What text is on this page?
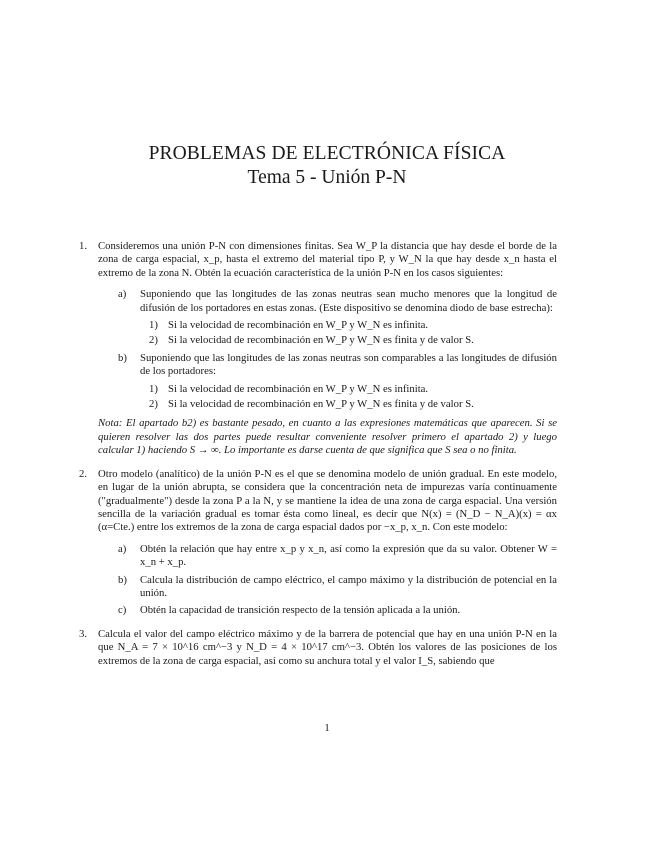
PROBLEMAS DE ELECTRÓNICA FÍSICA
Tema 5 - Unión P-N
1. Consideremos una unión P-N con dimensiones finitas. Sea W_P la distancia que hay desde el borde de la zona de carga espacial, x_p, hasta el extremo del material tipo P, y W_N la que hay desde x_n hasta el extremo de la zona N. Obtén la ecuación característica de la unión P-N en los casos siguientes:
a) Suponiendo que las longitudes de las zonas neutras sean mucho menores que la longitud de difusión de los portadores en estas zonas. (Este dispositivo se denomina diodo de base estrecha):
1) Si la velocidad de recombinación en W_P y W_N es infinita.
2) Si la velocidad de recombinación en W_P y W_N es finita y de valor S.
b) Suponiendo que las longitudes de las zonas neutras son comparables a las longitudes de difusión de los portadores:
1) Si la velocidad de recombinación en W_P y W_N es infinita.
2) Si la velocidad de recombinación en W_P y W_N es finita y de valor S.
Nota: El apartado b2) es bastante pesado, en cuanto a las expresiones matemáticas que aparecen. Si se quieren resolver las dos partes puede resultar conveniente resolver primero el apartado 2) y luego calcular 1) haciendo S → ∞. Lo importante es darse cuenta de que significa que S sea o no finita.
2. Otro modelo (analítico) de la unión P-N es el que se denomina modelo de unión gradual. En este modelo, en lugar de la unión abrupta, se considera que la concentración neta de impurezas varía continuamente ("gradualmente") desde la zona P a la N, y se mantiene la idea de una zona de carga espacial. Una versión sencilla de la variación gradual es tomar ésta como lineal, es decir que N(x) = (N_D − N_A)(x) = αx (α=Cte.) entre los extremos de la zona de carga espacial dados por −x_p, x_n. Con este modelo:
a) Obtén la relación que hay entre x_p y x_n, así como la expresión que da su valor. Obtener W = x_n + x_p.
b) Calcula la distribución de campo eléctrico, el campo máximo y la distribución de potencial en la unión.
c) Obtén la capacidad de transición respecto de la tensión aplicada a la unión.
3. Calcula el valor del campo eléctrico máximo y de la barrera de potencial que hay en una unión P-N en la que N_A = 7 × 10^16 cm^−3 y N_D = 4 × 10^17 cm^−3. Obtén los valores de las posiciones de los extremos de la zona de carga espacial, así como su anchura total y el valor I_S, sabiendo que
1
